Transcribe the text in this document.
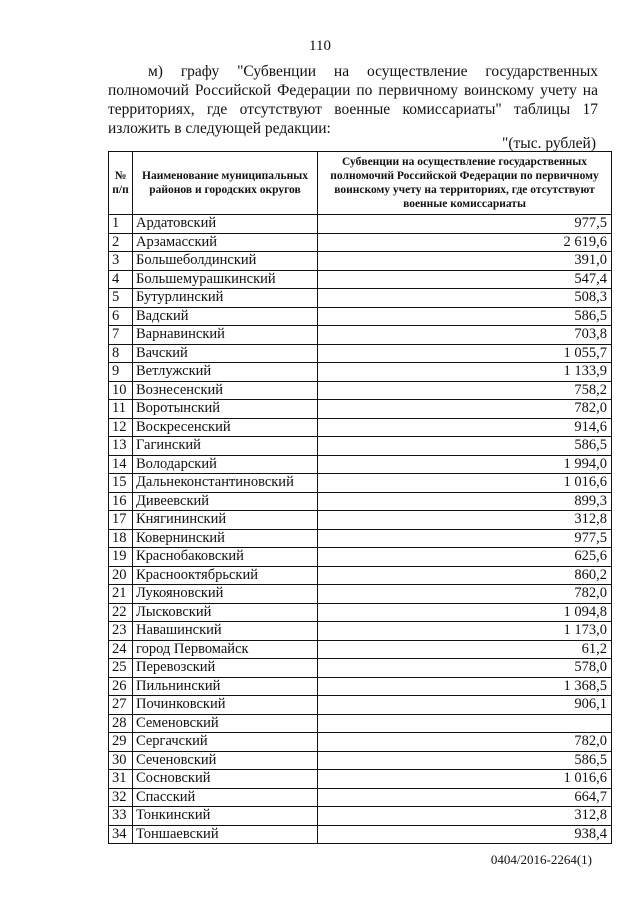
110

м) графу "Субвенции на осуществление государственных полномочий Российской Федерации по первичному воинскому учету на территориях, где отсутствуют военные комиссариаты" таблицы 17 изложить в следующей редакции:

"(тыс. рублей)
№ п/п	Наименование муниципальных районов и городских округов	Субвенции на осуществление государственных полномочий Российской Федерации по первичному воинскому учету на территориях, где отсутствуют военные комиссариаты
1	Ардатовский	977,5
2	Арзамасский	2 619,6
3	Большеболдинский	391,0
4	Большемурашкинский	547,4
5	Бутурлинский	508,3
6	Вадский	586,5
7	Варнавинский	703,8
8	Вачский	1 055,7
9	Ветлужский	1 133,9
10	Вознесенский	758,2
11	Воротынский	782,0
12	Воскресенский	914,6
13	Гагинский	586,5
14	Володарский	1 994,0
15	Дальнеконстантиновский	1 016,6
16	Дивеевский	899,3
17	Княгининский	312,8
18	Ковернинский	977,5
19	Краснобаковский	625,6
20	Краснооктябрьский	860,2
21	Лукояновский	782,0
22	Лысковский	1 094,8
23	Навашинский	1 173,0
24	город Первомайск	61,2
25	Перевозский	578,0
26	Пильнинский	1 368,5
27	Починковский	906,1
28	Семеновский	
29	Сергачский	782,0
30	Сеченовский	586,5
31	Сосновский	1 016,6
32	Спасский	664,7
33	Тонкинский	312,8
34	Тоншаевский	938,4
0404/2016-2264(1)
